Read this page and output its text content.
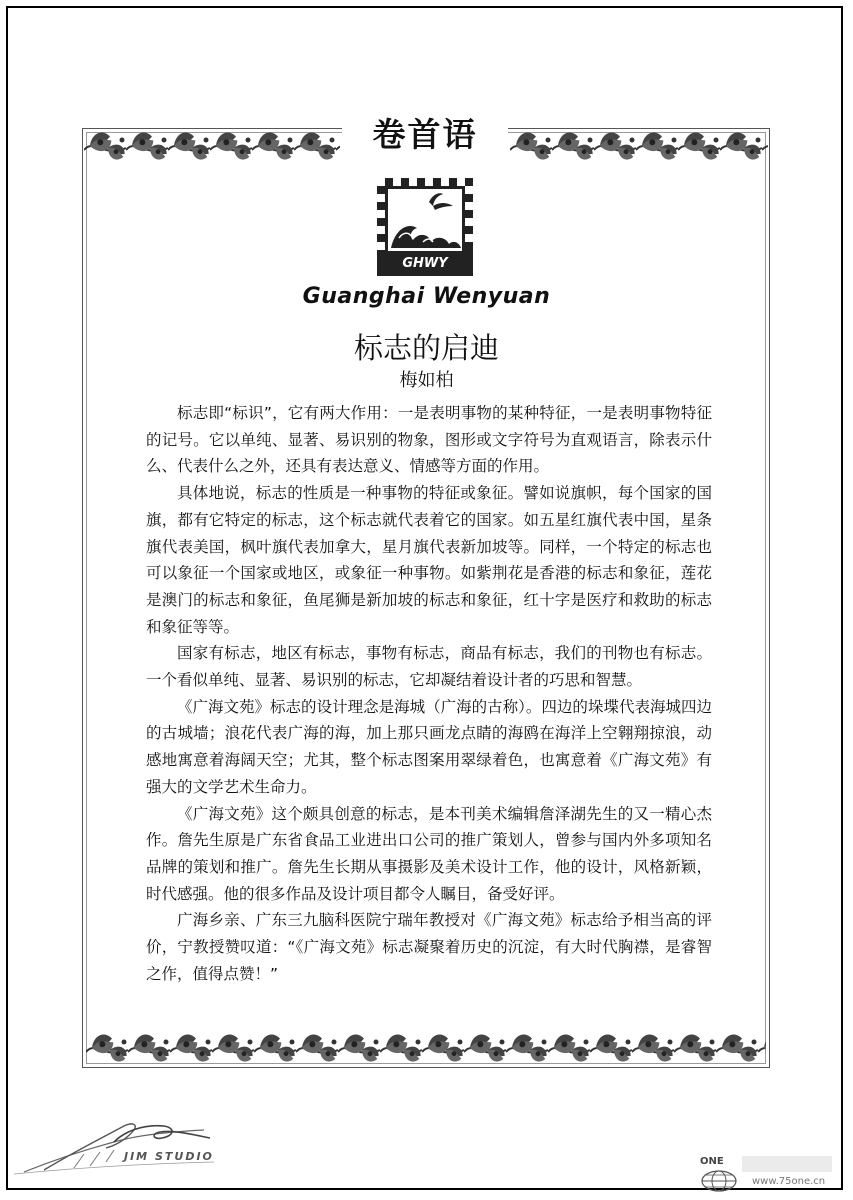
卷首语
GHWY
Guanghai Wenyuan
标志的启迪
梅如柏

标志即“标识”，它有两大作用：一是表明事物的某种特征，一是表明事物特征的记号。它以单纯、显著、易识别的物象，图形或文字符号为直观语言，除表示什么、代表什么之外，还具有表达意义、情感等方面的作用。

具体地说，标志的性质是一种事物的特征或象征。譬如说旗帜，每个国家的国旗，都有它特定的标志，这个标志就代表着它的国家。如五星红旗代表中国，星条旗代表美国，枫叶旗代表加拿大，星月旗代表新加坡等。同样，一个特定的标志也可以象征一个国家或地区，或象征一种事物。如紫荆花是香港的标志和象征，莲花是澳门的标志和象征，鱼尾狮是新加坡的标志和象征，红十字是医疗和救助的标志和象征等等。

国家有标志，地区有标志，事物有标志，商品有标志，我们的刊物也有标志。一个看似单纯、显著、易识别的标志，它却凝结着设计者的巧思和智慧。

《广海文苑》标志的设计理念是海城（广海的古称）。四边的垛堞代表海城四边的古城墙；浪花代表广海的海，加上那只画龙点睛的海鸥在海洋上空翱翔掠浪，动感地寓意着海阔天空；尤其，整个标志图案用翠绿着色，也寓意着《广海文苑》有强大的文学艺术生命力。

《广海文苑》这个颇具创意的标志，是本刊美术编辑詹泽湖先生的又一精心杰作。詹先生原是广东省食品工业进出口公司的推广策划人，曾参与国内外多项知名品牌的策划和推广。詹先生长期从事摄影及美术设计工作，他的设计，风格新颖，时代感强。他的很多作品及设计项目都令人瞩目，备受好评。

广海乡亲、广东三九脑科医院宁瑞年教授对《广海文苑》标志给予相当高的评价，宁教授赞叹道：“《广海文苑》标志凝聚着历史的沉淀，有大时代胸襟，是睿智之作，值得点赞！”

JIM STUDIO	ONE
www.75one.cn
